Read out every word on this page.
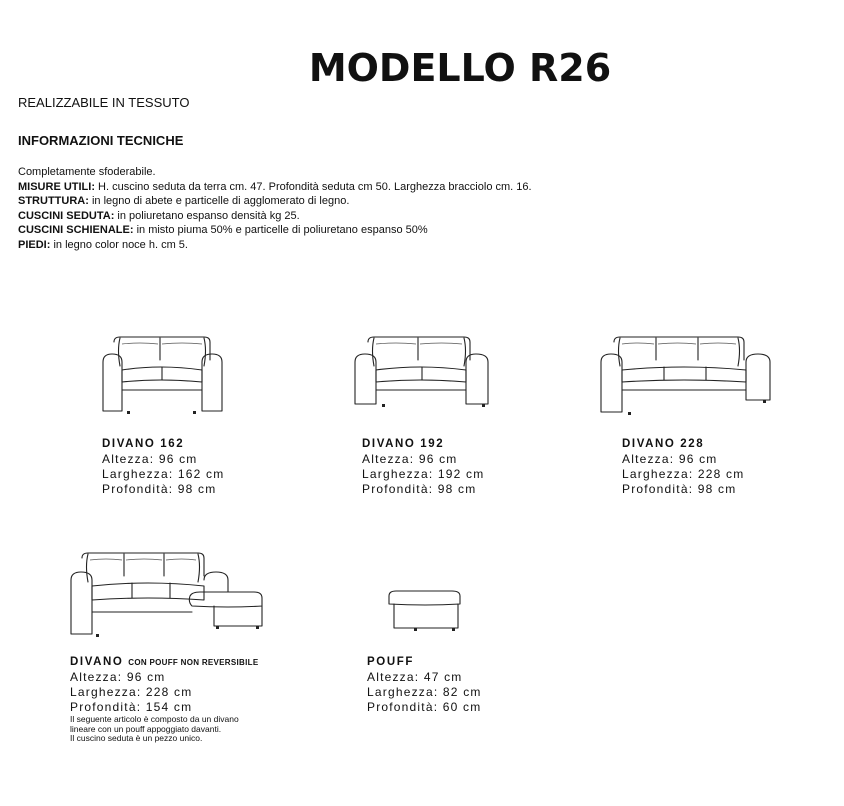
MODELLO R26
REALIZZABILE IN TESSUTO
INFORMAZIONI TECNICHE
Completamente sfoderabile.
MISURE UTILI: H. cuscino seduta da terra cm. 47. Profondità seduta cm 50. Larghezza bracciolo cm. 16.
STRUTTURA: in legno di abete e particelle di agglomerato di legno.
CUSCINI SEDUTA: in poliuretano espanso densità kg 25.
CUSCINI SCHIENALE: in misto piuma 50% e particelle di poliuretano espanso 50%
PIEDI: in legno color noce h. cm 5.
DIVANO 162
Altezza: 96 cm
Larghezza: 162 cm
Profondità: 98 cm
DIVANO 192
Altezza: 96 cm
Larghezza: 192 cm
Profondità: 98 cm
DIVANO 228
Altezza: 96 cm
Larghezza: 228 cm
Profondità: 98 cm
DIVANO CON POUFF NON REVERSIBILE
Altezza: 96 cm
Larghezza: 228 cm
Profondità: 154 cm
Il seguente articolo è composto da un divano
lineare con un pouff appoggiato davanti.
Il cuscino seduta è un pezzo unico.
POUFF
Altezza: 47 cm
Larghezza: 82 cm
Profondità: 60 cm
